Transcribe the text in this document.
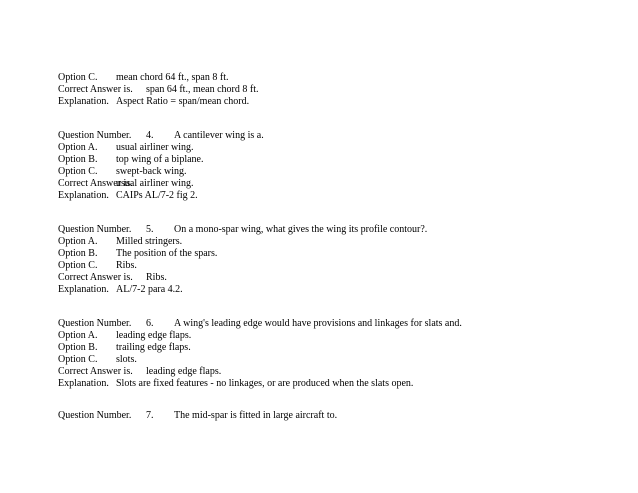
Option C. mean chord 64 ft., span 8 ft.
Correct Answer is. span 64 ft., mean chord 8 ft.
Explanation. Aspect Ratio = span/mean chord.
Question Number. 4. A cantilever wing is a.
Option A. usual airliner wing.
Option B. top wing of a biplane.
Option C. swept-back wing.
Correct Answer is.
usual airliner wing.
Explanation. CAIPs AL/7-2 fig 2.
Question Number. 5. On a mono-spar wing, what gives the wing its profile contour?.
Option A. Milled stringers.
Option B. The position of the spars.
Option C. Ribs.
Correct Answer is. Ribs.
Explanation. AL/7-2 para 4.2.
Question Number. 6. A wing's leading edge would have provisions and linkages for slats and.
Option A. leading edge flaps.
Option B. trailing edge flaps.
Option C. slots.
Correct Answer is. leading edge flaps.
Explanation. Slots are fixed features - no linkages, or are produced when the slats open.
Question Number. 7. The mid-spar is fitted in large aircraft to.
